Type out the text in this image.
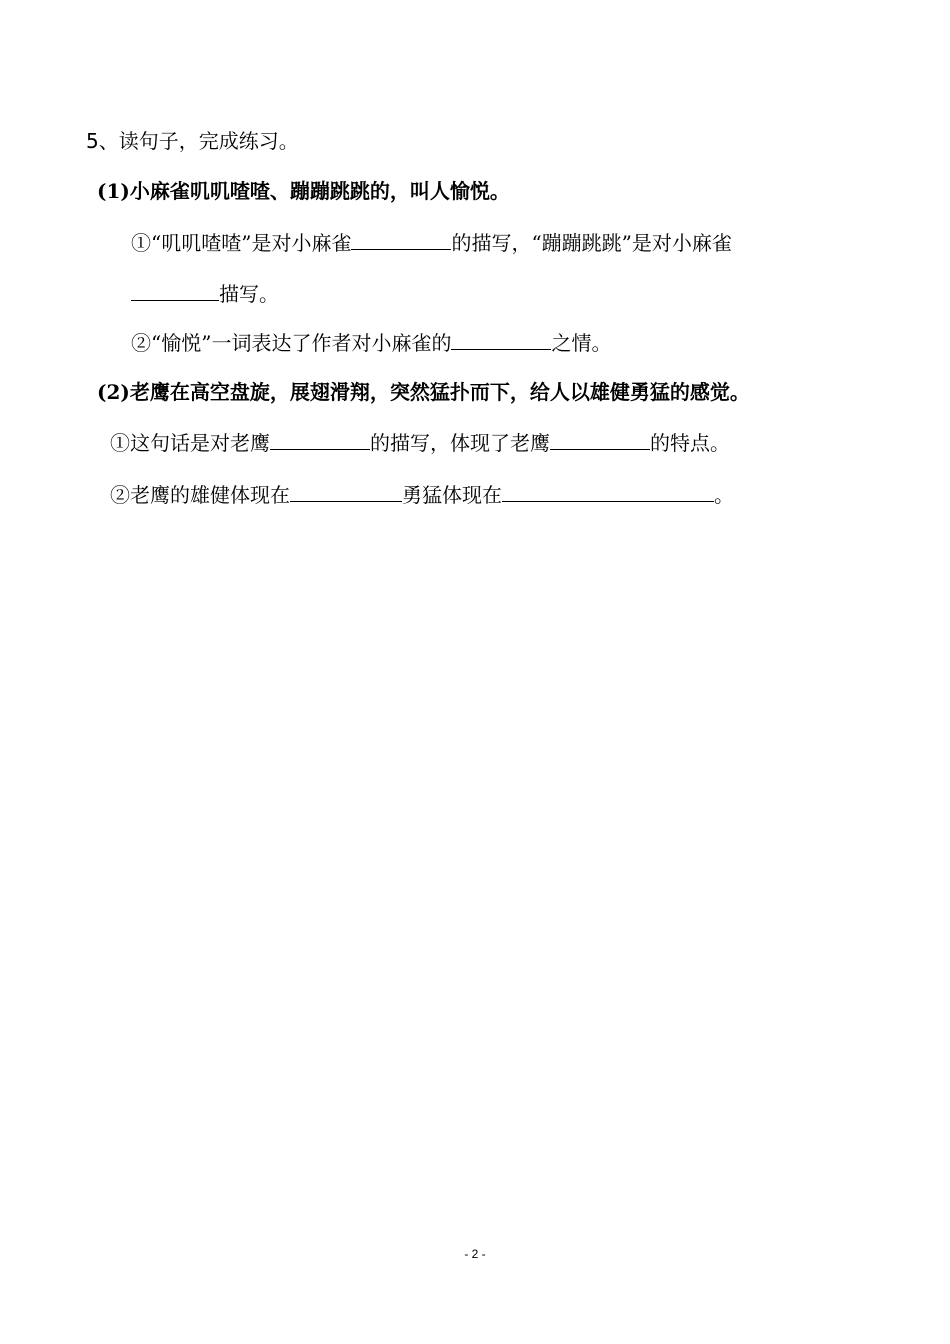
5、读句子，完成练习。
(1)小麻雀叽叽喳喳、蹦蹦跳跳的，叫人愉悦。
①“叽叽喳喳”是对小麻雀	的描写，“蹦蹦跳跳”是对小麻雀
描写。
②“愉悦”一词表达了作者对小麻雀的	之情。
(2)老鹰在高空盘旋，展翅滑翔，突然猛扑而下，给人以雄健勇猛的感觉。
①这句话是对老鹰	的描写，体现了老鹰	的特点。
②老鹰的雄健体现在	勇猛体现在	。
- 2 -
